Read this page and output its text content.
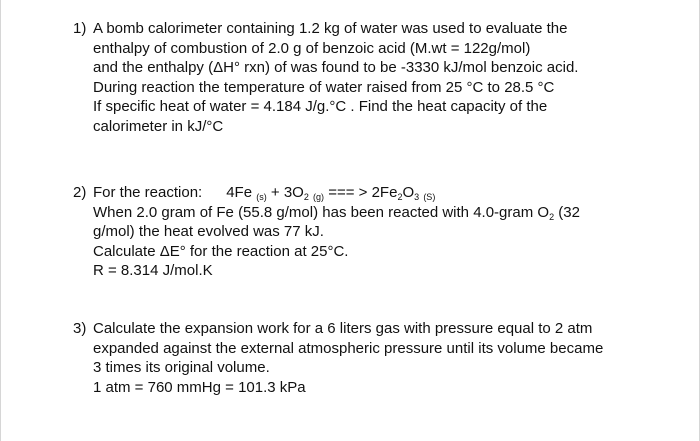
1) A bomb calorimeter containing 1.2 kg of water was used to evaluate the
enthalpy of combustion of 2.0 g of benzoic acid (M.wt = 122g/mol)
and the enthalpy (ΔH° rxn) of was found to be -3330 kJ/mol benzoic acid.
During reaction the temperature of water raised from 25 °C to 28.5 °C
If specific heat of water = 4.184 J/g.°C . Find the heat capacity of the
calorimeter in kJ/°C
2) For the reaction: 4Fe $_{(s)} + 3O_2$ $_{(g)}$ === > $2Fe_2O_3$ $_{(S)}$
When 2.0 gram of Fe (55.8 g/mol) has been reacted with 4.0-gram $O_2$ (32
g/mol) the heat evolved was 77 kJ.
Calculate ΔE° for the reaction at 25°C.
R = 8.314 J/mol.K
3) Calculate the expansion work for a 6 liters gas with pressure equal to 2 atm
expanded against the external atmospheric pressure until its volume became
3 times its original volume.
1 atm = 760 mmHg = 101.3 kPa
